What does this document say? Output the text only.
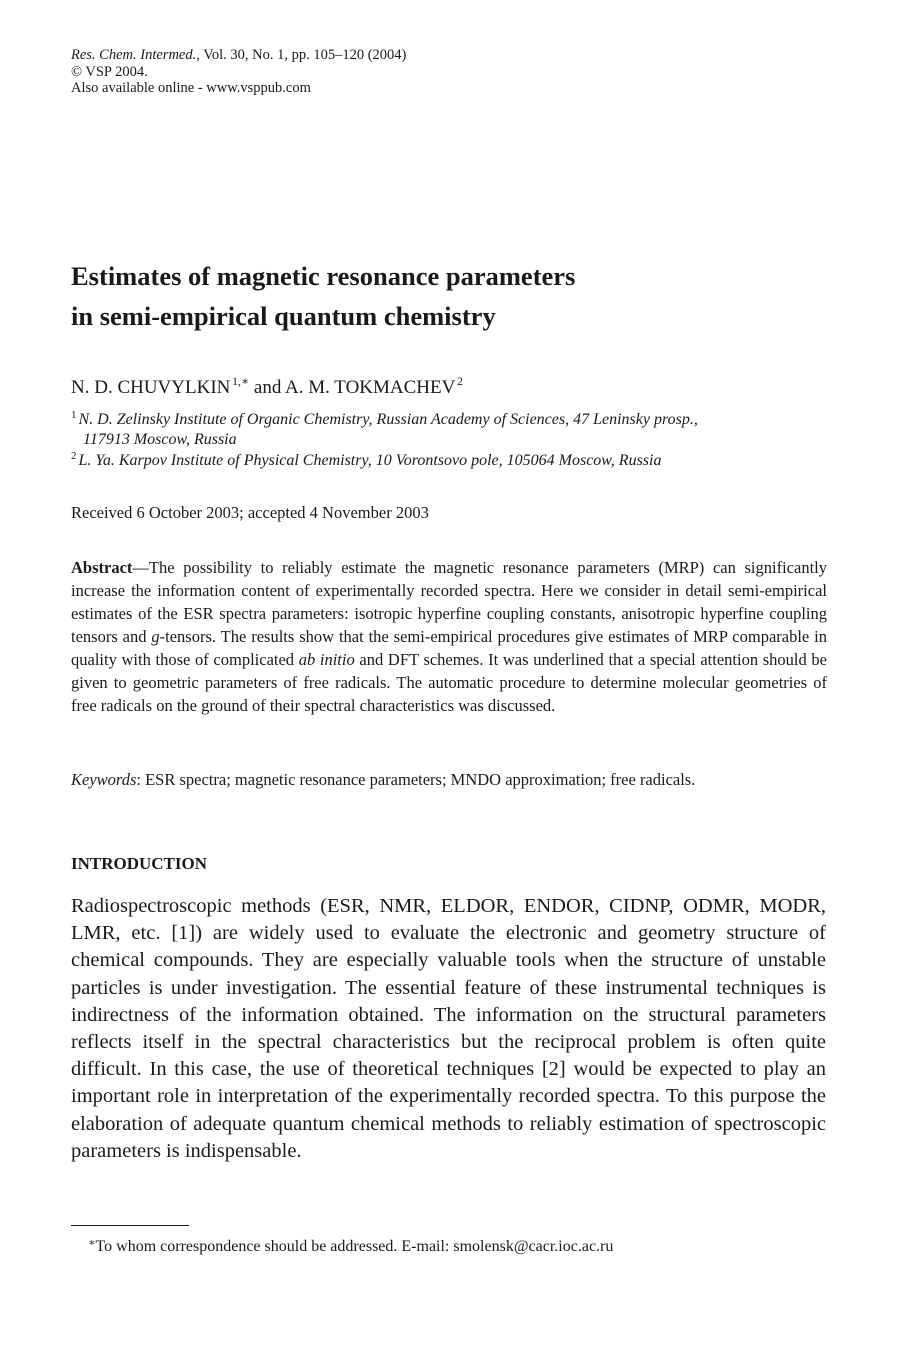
Res. Chem. Intermed., Vol. 30, No. 1, pp. 105–120 (2004)
© VSP 2004.
Also available online - www.vsppub.com
Estimates of magnetic resonance parameters
in semi-empirical quantum chemistry
N. D. CHUVYLKIN  $^{1,∗}$ and A. M. TOKMACHEV  $^2$
$^1$ N. D. Zelinsky Institute of Organic Chemistry, Russian Academy of Sciences, 47 Leninsky prosp.,
117913 Moscow, Russia
$^2$ L. Ya. Karpov Institute of Physical Chemistry, 10 Vorontsovo pole, 105064 Moscow, Russia
Received 6 October 2003; accepted 4 November 2003
Abstract—The possibility to reliably estimate the magnetic resonance parameters (MRP) can significantly increase the information content of experimentally recorded spectra. Here we consider in detail semi-empirical estimates of the ESR spectra parameters: isotropic hyperfine coupling constants, anisotropic hyperfine coupling tensors and g-tensors. The results show that the semi-empirical procedures give estimates of MRP comparable in quality with those of complicated ab initio and DFT schemes. It was underlined that a special attention should be given to geometric parameters of free radicals. The automatic procedure to determine molecular geometries of free radicals on the ground of their spectral characteristics was discussed.
Keywords: ESR spectra; magnetic resonance parameters; MNDO approximation; free radicals.
INTRODUCTION
Radiospectroscopic methods (ESR, NMR, ELDOR, ENDOR, CIDNP, ODMR, MODR, LMR, etc. [1]) are widely used to evaluate the electronic and geometry structure of chemical compounds. They are especially valuable tools when the structure of unstable particles is under investigation. The essential feature of these instrumental techniques is indirectness of the information obtained. The information on the structural parameters reflects itself in the spectral characteristics but the reciprocal problem is often quite difficult. In this case, the use of theoretical techniques [2] would be expected to play an important role in interpretation of the experimentally recorded spectra. To this purpose the elaboration of adequate quantum chemical methods to reliably estimation of spectroscopic parameters is indispensable.
∗To whom correspondence should be addressed. E-mail: smolensk@cacr.ioc.ac.ru
